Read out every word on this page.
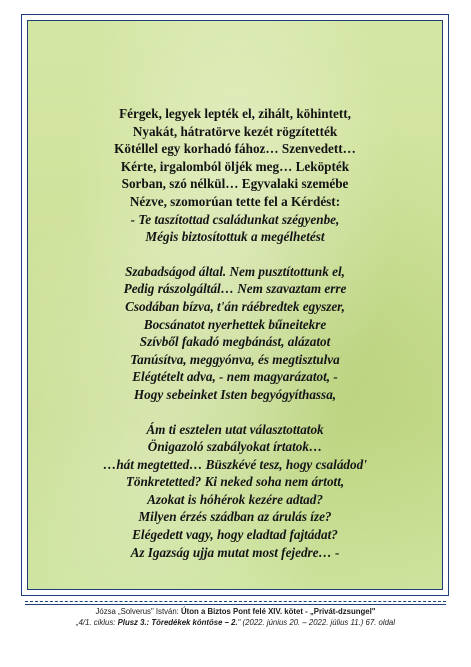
Férgek, legyek lepték el, zihált, köhintett,
Nyakát, hátratörve kezét rögzítették
Kötéllel egy korhadó fához… Szenvedett…
Kérte, irgalomból öljék meg… Leköpték
Sorban, szó nélkül… Egyvalaki szemébe
Nézve, szomorúan tette fel a Kérdést:
- Te taszítottad családunkat szégyenbe,
Mégis biztosítottuk a megélhetést
Szabadságod által. Nem pusztítottunk el,
Pedig rászolgáltál… Nem szavaztam erre
Csodában bízva, t'án ráébredtek egyszer,
Bocsánatot nyerhettek bűneitekre
Szívből fakadó megbánást, alázatot
Tanúsítva, meggyónva, és megtisztulva
Elégtételt adva, - nem magyarázatot, -
Hogy sebeinket Isten begyógyíthassa,
Ám ti esztelen utat választottatok
Önigazoló szabályokat írtatok…
…hát megtetted… Büszkévé tesz, hogy családod'
Tönkretetted? Ki neked soha nem ártott,
Azokat is hóhérok kezére adtad?
Milyen érzés szádban az árulás íze?
Elégedett vagy, hogy eladtad fajtádat?
Az Igazság ujja mutat most fejedre… -
Józsa „Solverus" István: Úton a Biztos Pont felé XIV. kötet - „Privát-dzsungel"
„4/1. ciklus: Plusz 3.: Töredékek köntöse – 2." (2022. június 20. – 2022. július 11.) 67. oldal
